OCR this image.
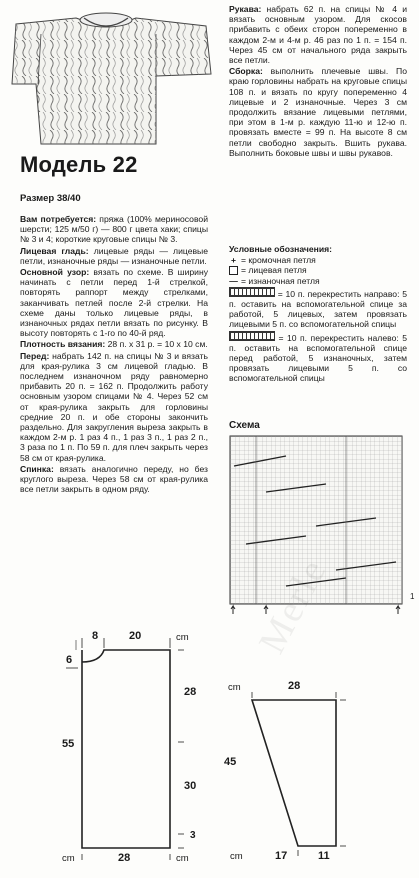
Модель 22
Размер 38/40

Вам потребуется: пряжа (100% мериносовой шерсти; 125 м/50 г) — 800 г цвета хаки; спицы № 3 и 4; короткие круговые спицы № 3.

Лицевая гладь: лицевые ряды — лицевые петли, изнаночные ряды — изнаночные петли.

Основной узор: вязать по схеме. В ширину начинать с петли перед 1-й стрелкой, повторять раппорт между стрелками, заканчивать петлей после 2-й стрелки. На схеме даны только лицевые ряды, в изнаночных рядах петли вязать по рисунку. В высоту повторять с 1-го по 40-й ряд.

Плотность вязания: 28 п. х 31 р. = 10 х 10 см.

Перед: набрать 142 п. на спицы № 3 и вязать для края-рулика 3 см лицевой гладью. В последнем изнаночном ряду равномерно прибавить 20 п. = 162 п. Продолжить работу основным узором спицами № 4. Через 52 см от края-рулика закрыть для горловины средние 20 п. и обе стороны закончить раздельно. Для закругления выреза закрыть в каждом 2-м р. 1 раз 4 п., 1 раз 3 п., 1 раз 2 п., 3 раза по 1 п. По 59 п. для плеч закрыть через 58 см от края-рулика.

Спинка: вязать аналогично переду, но без круглого выреза. Через 58 см от края-рулика все петли закрыть в одном ряду.

Рукава: набрать 62 п. на спицы № 4 и вязать основным узором. Для скосов прибавить с обеих сторон попеременно в каждом 2-м и 4-м р. 46 раз по 1 п. = 154 п. Через 45 см от начального ряда закрыть все петли.

Сборка: выполнить плечевые швы. По краю горловины набрать на круговые спицы 108 п. и вязать по кругу попеременно 4 лицевые и 2 изнаночные. Через 3 см продолжить вязание лицевыми петлями, при этом в 1-м р. каждую 11-ю и 12-ю п. провязать вместе = 99 п. На высоте 8 см петли свободно закрыть. Вшить рукава. Выполнить боковые швы и швы рукавов.

Условные обозначения:

+ = кромочная петля
= лицевая петля
— = изнаночная петля
= 10 п. перекрестить направо: 5 п. оставить на вспомогательной спице за работой, 5 лицевых, затем провязать лицевыми 5 п. со вспомогательной спицы
= 10 п. перекрестить налево: 5 п. оставить на вспомогательной спице перед работой, 5 изнаночных, затем провязать лицевыми 5 п. со вспомогательной спицы
Схема
1
8	20	cm
6
55
28
30
3
cm	28	cm
cm	28
45
cm	17	11
Merle
